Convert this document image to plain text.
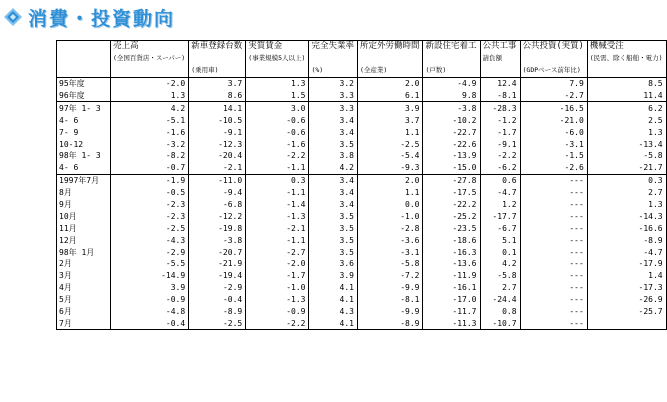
消費・投資動向
	売上高	新車登録台数	実質賃金	完全失業率	所定外労働時間	新設住宅着工	公共工事	公共投資(実質)	機械受注
	(全国百貨店・スーパー)		(事業規模5人以上)				請負額		(民需、除く船舶・電力)
		(乗用車)		(%)	(全産業)	(戸数)		(GDPベース前年比)	
95年度	-2.0	3.7	1.3	3.2	2.0	-4.9	12.4	7.9	8.5
96年度	1.3	8.6	1.5	3.3	6.1	9.8	-8.1	-2.7	11.4
97年 1- 3	4.2	14.1	3.0	3.3	3.9	-3.8	-28.3	-16.5	6.2
4- 6	-5.1	-10.5	-0.6	3.4	3.7	-10.2	-1.2	-21.0	2.5
7- 9	-1.6	-9.1	-0.6	3.4	1.1	-22.7	-1.7	-6.0	1.3
10-12	-3.2	-12.3	-1.6	3.5	-2.5	-22.6	-9.1	-3.1	-13.4
98年 1- 3	-8.2	-20.4	-2.2	3.8	-5.4	-13.9	-2.2	-1.5	-5.8
4- 6	-0.7	-2.1	-1.1	4.2	-9.3	-15.0	-6.2	-2.6	-21.7
1997年7月	-1.9	-11.0	0.3	3.4	2.0	-27.8	0.6	---	0.3
8月	-0.5	-9.4	-1.1	3.4	1.1	-17.5	-4.7	---	2.7
9月	-2.3	-6.8	-1.4	3.4	0.0	-22.2	1.2	---	1.3
10月	-2.3	-12.2	-1.3	3.5	-1.0	-25.2	-17.7	---	-14.3
11月	-2.5	-19.8	-2.1	3.5	-2.8	-23.5	-6.7	---	-16.6
12月	-4.3	-3.8	-1.1	3.5	-3.6	-18.6	5.1	---	-8.9
98年 1月	-2.9	-20.7	-2.7	3.5	-3.1	-16.3	0.1	---	-4.7
2月	-5.5	-21.9	-2.0	3.6	-5.8	-13.6	4.2	---	-17.9
3月	-14.9	-19.4	-1.7	3.9	-7.2	-11.9	-5.8	---	1.4
4月	3.9	-2.9	-1.0	4.1	-9.9	-16.1	2.7	---	-17.3
5月	-0.9	-0.4	-1.3	4.1	-8.1	-17.0	-24.4	---	-26.9
6月	-4.8	-8.9	-0.9	4.3	-9.9	-11.7	0.8	---	-25.7
7月	-0.4	-2.5	-2.2	4.1	-8.9	-11.3	-10.7	---	
